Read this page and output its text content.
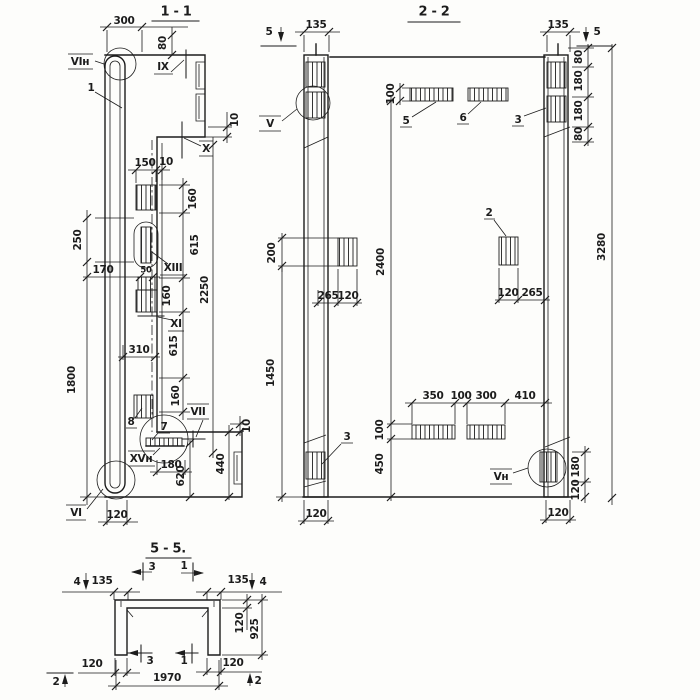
1 - 1
300
80
10
150 10
160
615
160
615
160
2250
250
170	50
1800
310
120
180
620
440
10
VIн
1
IX
X
XIII
XI
VII
7
8
XVн
VI
2 - 2
5	5
135	135
100
80
180
180
80
3280
200
1450
2400
265
120	120 265
350 100 300 410
100
450	180
120
120	120
V	5	6	3
2
3
Vн
5 - 5.
3 1
4	4
3	1
2	2
135	135
120 925
120	120
1970
